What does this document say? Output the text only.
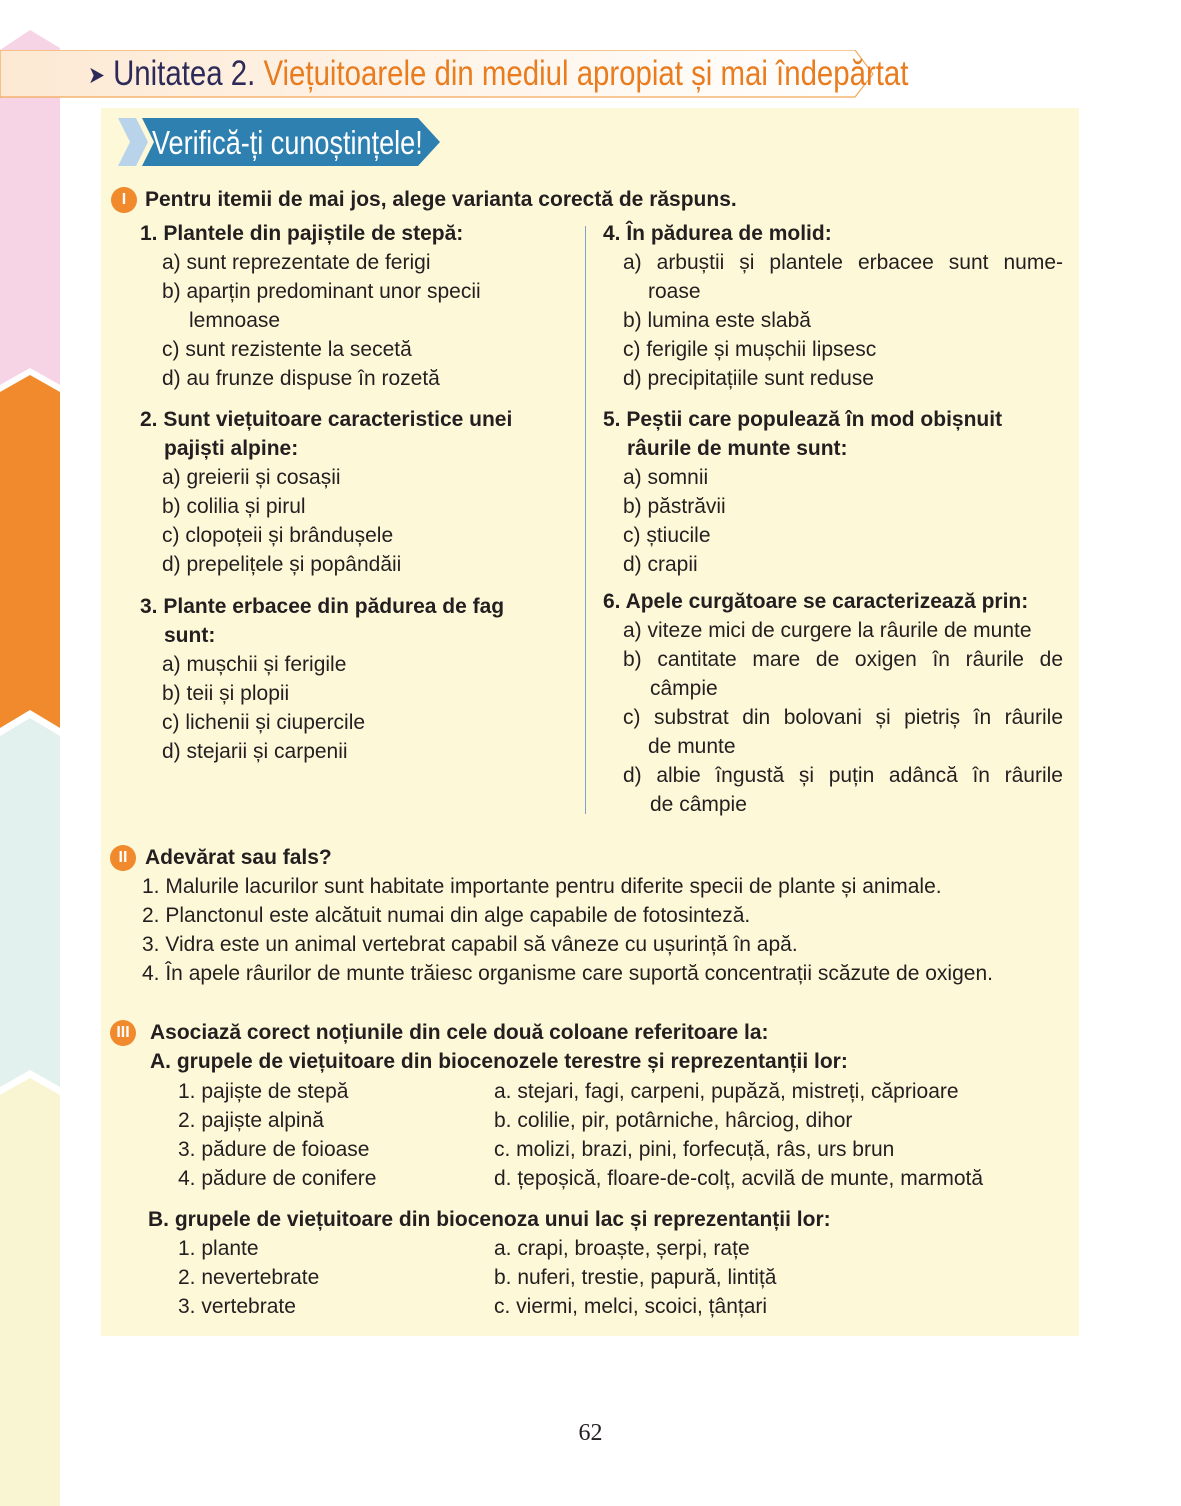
➤ Unitatea 2. Viețuitoarele din mediul apropiat și mai îndepărtat
Verifică-ți cunoștințele!
I Pentru itemii de mai jos, alege varianta corectă de răspuns.
1. Plantele din pajiștile de stepă:
a) sunt reprezentate de ferigi
b) aparțin predominant unor specii
lemnoase
c) sunt rezistente la secetă
d) au frunze dispuse în rozetă
2. Sunt viețuitoare caracteristice unei
pajiști alpine:
a) greierii și cosașii
b) colilia și pirul
c) clopoțeii și brândușele
d) prepelițele și popândăii
3. Plante erbacee din pădurea de fag
sunt:
a) mușchii și ferigile
b) teii și plopii
c) lichenii și ciupercile
d) stejarii și carpenii
4. În pădurea de molid:
a) arbuștii și plantele erbacee sunt nume-
roase
b) lumina este slabă
c) ferigile și mușchii lipsesc
d) precipitațiile sunt reduse
5. Peștii care populează în mod obișnuit
râurile de munte sunt:
a) somnii
b) păstrăvii
c) știucile
d) crapii
6. Apele curgătoare se caracterizează prin:
a) viteze mici de curgere la râurile de munte
b) cantitate mare de oxigen în râurile de
câmpie
c) substrat din bolovani și pietriș în râurile
de munte
d) albie îngustă și puțin adâncă în râurile
de câmpie
II Adevărat sau fals?
1. Malurile lacurilor sunt habitate importante pentru diferite specii de plante și animale.
2. Planctonul este alcătuit numai din alge capabile de fotosinteză.
3. Vidra este un animal vertebrat capabil să vâneze cu ușurință în apă.
4. În apele râurilor de munte trăiesc organisme care suportă concentrații scăzute de oxigen.
III Asociază corect noțiunile din cele două coloane referitoare la:
A. grupele de viețuitoare din biocenozele terestre și reprezentanții lor:
1. pajiște de stepă
2. pajiște alpină
3. pădure de foioase
4. pădure de conifere
a. stejari, fagi, carpeni, pupăză, mistreți, căprioare
b. colilie, pir, potârniche, hârciog, dihor
c. molizi, brazi, pini, forfecuță, râs, urs brun
d. țepoșică, floare-de-colț, acvilă de munte, marmotă
B. grupele de viețuitoare din biocenoza unui lac și reprezentanții lor:
1. plante
2. nevertebrate
3. vertebrate
a. crapi, broaște, șerpi, rațe
b. nuferi, trestie, papură, lintiță
c. viermi, melci, scoici, țânțari
62
